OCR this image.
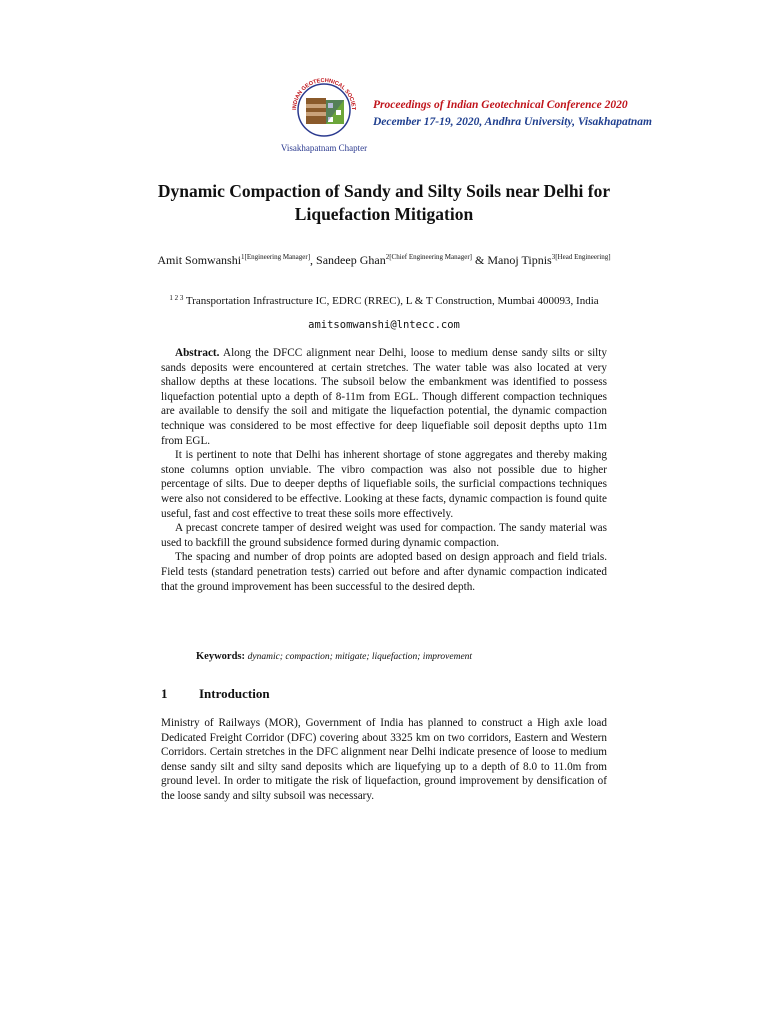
INDIAN GEOTECHNICAL SOCIET
Visakhapatnam Chapter
Proceedings of Indian Geotechnical Conference 2020
December 17-19, 2020, Andhra University, Visakhapatnam
Dynamic Compaction of Sandy and Silty Soils near Delhi for Liquefaction Mitigation
Amit Somwanshi$^{1[Engineering Manager]}$, Sandeep Ghan$^{2[Chief Engineering Manager]}$ & Manoj Tipnis$^{3[Head Engineering]}$
$^{1 2 3}$ Transportation Infrastructure IC, EDRC (RREC), L & T Construction, Mumbai 400093, India
amitsomwanshi@lntecc.com

Abstract. Along the DFCC alignment near Delhi, loose to medium dense sandy silts or silty sands deposits were encountered at certain stretches. The water table was also located at very shallow depths at these locations. The subsoil below the embankment was identified to possess liquefaction potential upto a depth of 8-11m from EGL. Though different compaction techniques are available to densify the soil and mitigate the liquefaction potential, the dynamic compaction technique was considered to be most effective for deep liquefiable soil deposit depths upto 11m from EGL.

It is pertinent to note that Delhi has inherent shortage of stone aggregates and thereby making stone columns option unviable. The vibro compaction was also not possible due to higher percentage of silts. Due to deeper depths of liquefiable soils, the surficial compactions techniques were also not considered to be effective. Looking at these facts, dynamic compaction is found quite useful, fast and cost effective to treat these soils more effectively.

A precast concrete tamper of desired weight was used for compaction. The sandy material was used to backfill the ground subsidence formed during dynamic compaction.

The spacing and number of drop points are adopted based on design approach and field trials. Field tests (standard penetration tests) carried out before and after dynamic compaction indicated that the ground improvement has been successful to the desired depth.

Keywords: dynamic; compaction; mitigate; liquefaction; improvement
1 Introduction

Ministry of Railways (MOR), Government of India has planned to construct a High axle load Dedicated Freight Corridor (DFC) covering about 3325 km on two corridors, Eastern and Western Corridors. Certain stretches in the DFC alignment near Delhi indicate presence of loose to medium dense sandy silt and silty sand deposits which are liquefying up to a depth of 8.0 to 11.0m from ground level. In order to mitigate the risk of liquefaction, ground improvement by densification of the loose sandy and silty subsoil was necessary.
